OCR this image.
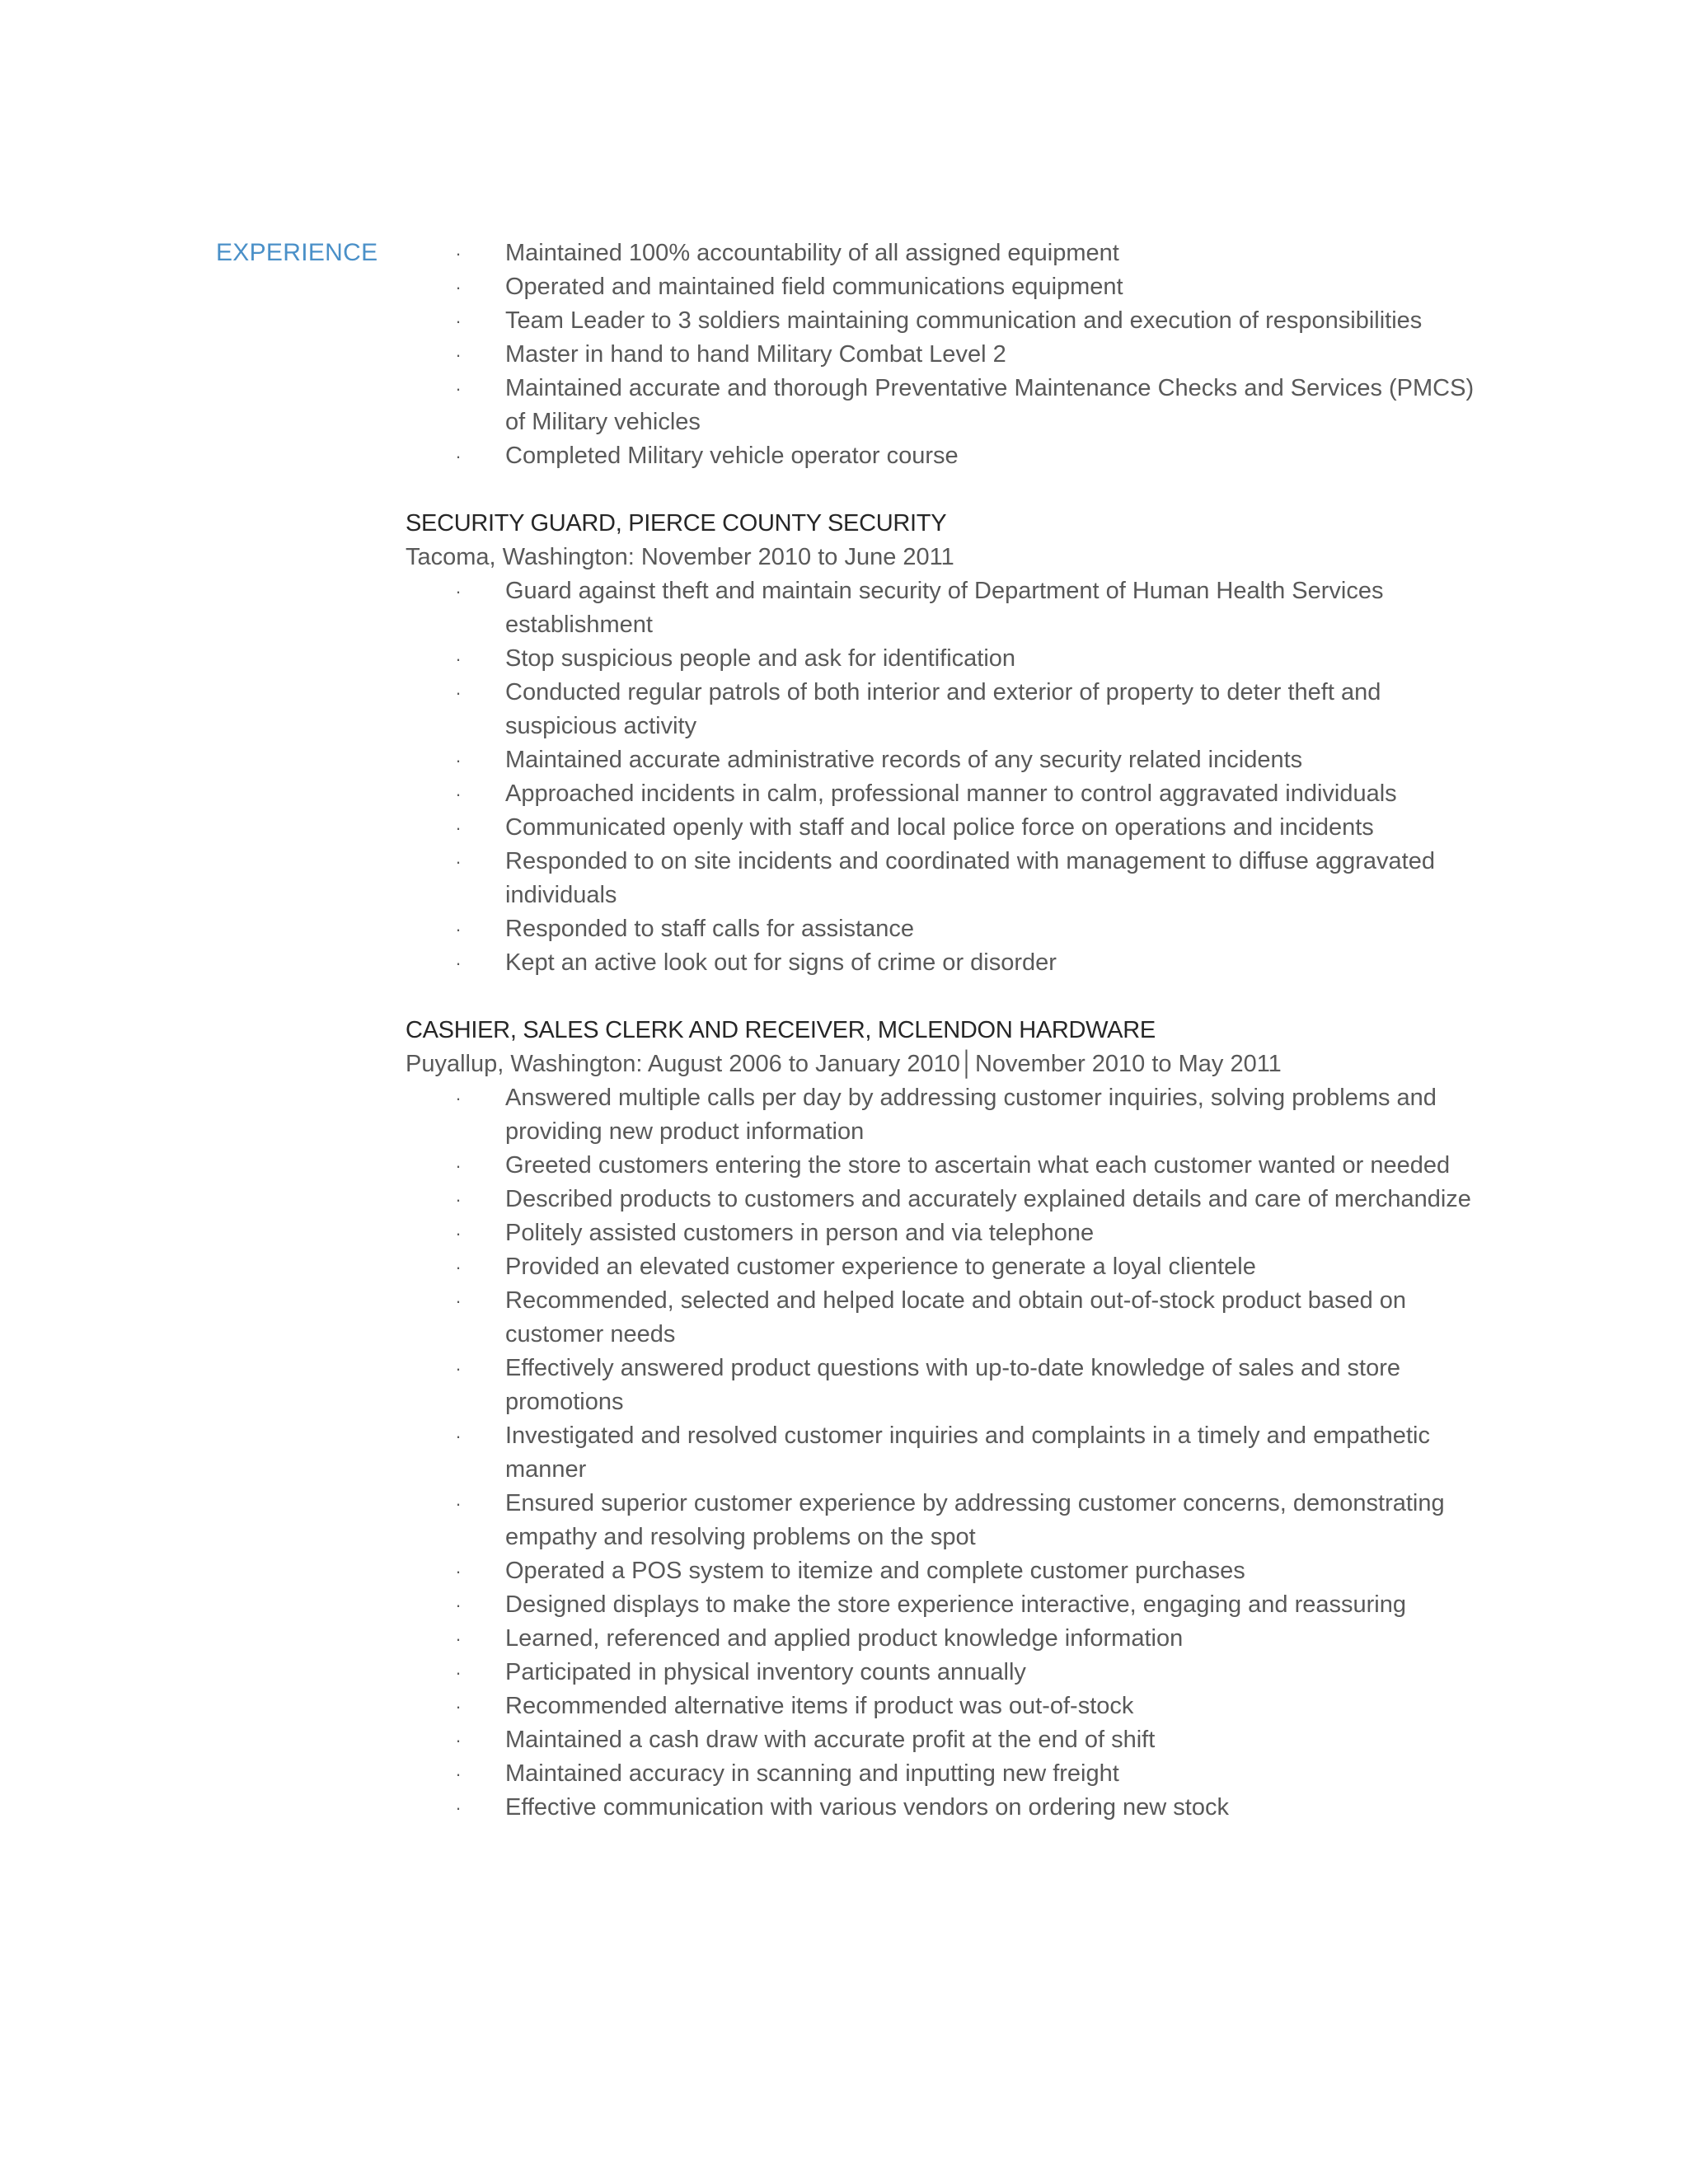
EXPERIENCE	· Maintained 100% accountability of all assigned equipment
· Operated and maintained field communications equipment
· Team Leader to 3 soldiers maintaining communication and execution of responsibilities
· Master in hand to hand Military Combat Level 2
· Maintained accurate and thorough Preventative Maintenance Checks and Services (PMCS) of Military vehicles
· Completed Military vehicle operator course
SECURITY GUARD, PIERCE COUNTY SECURITY
Tacoma, Washington: November 2010 to June 2011
· Guard against theft and maintain security of Department of Human Health Services establishment
· Stop suspicious people and ask for identification
· Conducted regular patrols of both interior and exterior of property to deter theft and suspicious activity
· Maintained accurate administrative records of any security related incidents
· Approached incidents in calm, professional manner to control aggravated individuals
· Communicated openly with staff and local police force on operations and incidents
· Responded to on site incidents and coordinated with management to diffuse aggravated individuals
· Responded to staff calls for assistance
· Kept an active look out for signs of crime or disorder
CASHIER, SALES CLERK AND RECEIVER, MCLENDON HARDWARE
Puyallup, Washington: August 2006 to January 2010│November 2010 to May 2011
· Answered multiple calls per day by addressing customer inquiries, solving problems and providing new product information
· Greeted customers entering the store to ascertain what each customer wanted or needed
· Described products to customers and accurately explained details and care of merchandize
· Politely assisted customers in person and via telephone
· Provided an elevated customer experience to generate a loyal clientele
· Recommended, selected and helped locate and obtain out-of-stock product based on customer needs
· Effectively answered product questions with up-to-date knowledge of sales and store promotions
· Investigated and resolved customer inquiries and complaints in a timely and empathetic manner
· Ensured superior customer experience by addressing customer concerns, demonstrating empathy and resolving problems on the spot
· Operated a POS system to itemize and complete customer purchases
· Designed displays to make the store experience interactive, engaging and reassuring
· Learned, referenced and applied product knowledge information
· Participated in physical inventory counts annually
· Recommended alternative items if product was out-of-stock
· Maintained a cash draw with accurate profit at the end of shift
· Maintained accuracy in scanning and inputting new freight
· Effective communication with various vendors on ordering new stock
